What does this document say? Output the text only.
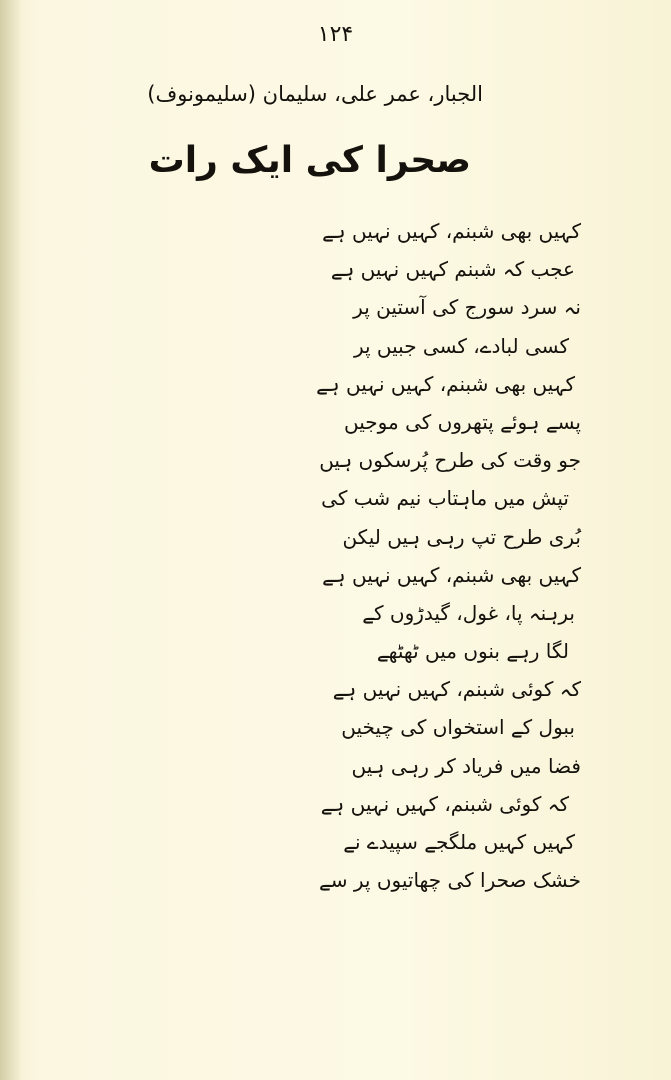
۱۲۴
الجبار، عمر علی، سلیمان (سلیمونوف)
صحرا کی ایک رات
کہیں بھی شبنم، کہیں نہیں ہے
عجب کہ شبنم کہیں نہیں ہے
نہ سرد سورج کی آستین پر
کسی لبادے، کسی جبیں پر
کہیں بھی شبنم، کہیں نہیں ہے
پسے ہوئے پتھروں کی موجیں
جو وقت کی طرح پُرسکوں ہیں
تپش میں ماہتاب نیم شب کی
بُری طرح تپ رہی ہیں لیکن
کہیں بھی شبنم، کہیں نہیں ہے
برہنہ پا، غول، گیدڑوں کے
لگا رہے بنوں میں ٹھٹھے
کہ کوئی شبنم، کہیں نہیں ہے
ببول کے استخواں کی چیخیں
فضا میں فریاد کر رہی ہیں
کہ کوئی شبنم، کہیں نہیں ہے
کہیں کہیں ملگجے سپیدے نے
خشک صحرا کی چھاتیوں پر سے
